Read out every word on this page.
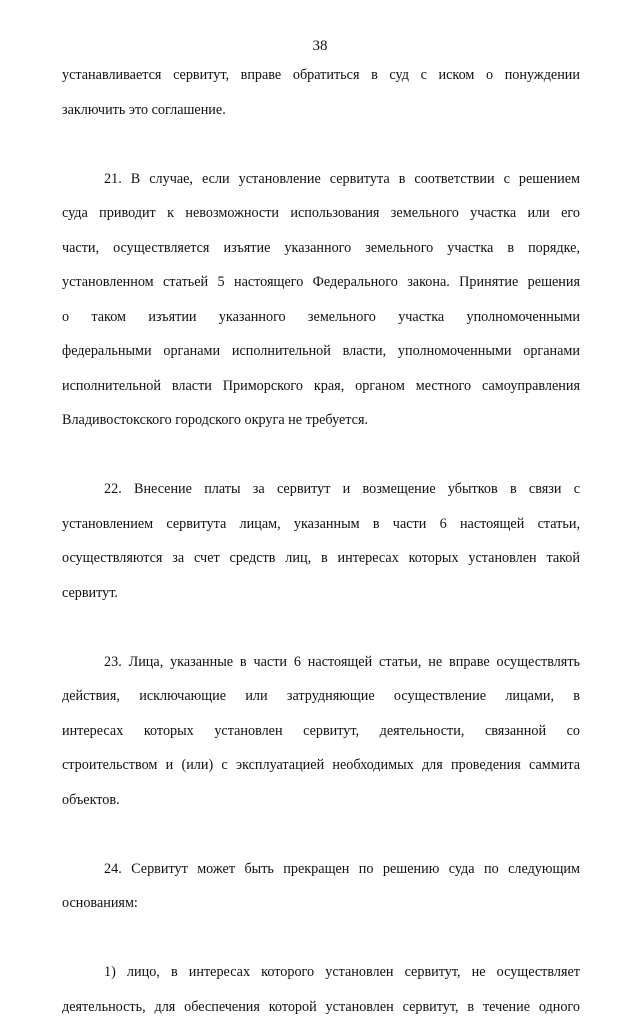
38
устанавливается сервитут, вправе обратиться в суд с иском о понуждении
заключить это соглашение.
21. В случае, если установление сервитута в соответствии с решением
суда приводит к невозможности использования земельного участка или его
части, осуществляется изъятие указанного земельного участка в порядке,
установленном статьей 5 настоящего Федерального закона. Принятие решения
о таком изъятии указанного земельного участка уполномоченными
федеральными органами исполнительной власти, уполномоченными органами
исполнительной власти Приморского края, органом местного самоуправления
Владивостокского городского округа не требуется.
22. Внесение платы за сервитут и возмещение убытков в связи с
установлением сервитута лицам, указанным в части 6 настоящей статьи,
осуществляются за счет средств лиц, в интересах которых установлен такой
сервитут.
23. Лица, указанные в части 6 настоящей статьи, не вправе осуществлять
действия, исключающие или затрудняющие осуществление лицами, в
интересах которых установлен сервитут, деятельности, связанной со
строительством и (или) с эксплуатацией необходимых для проведения саммита
объектов.
24. Сервитут может быть прекращен по решению суда по следующим
основаниям:
1) лицо, в интересах которого установлен сервитут, не осуществляет
деятельность, для обеспечения которой установлен сервитут, в течение одного
